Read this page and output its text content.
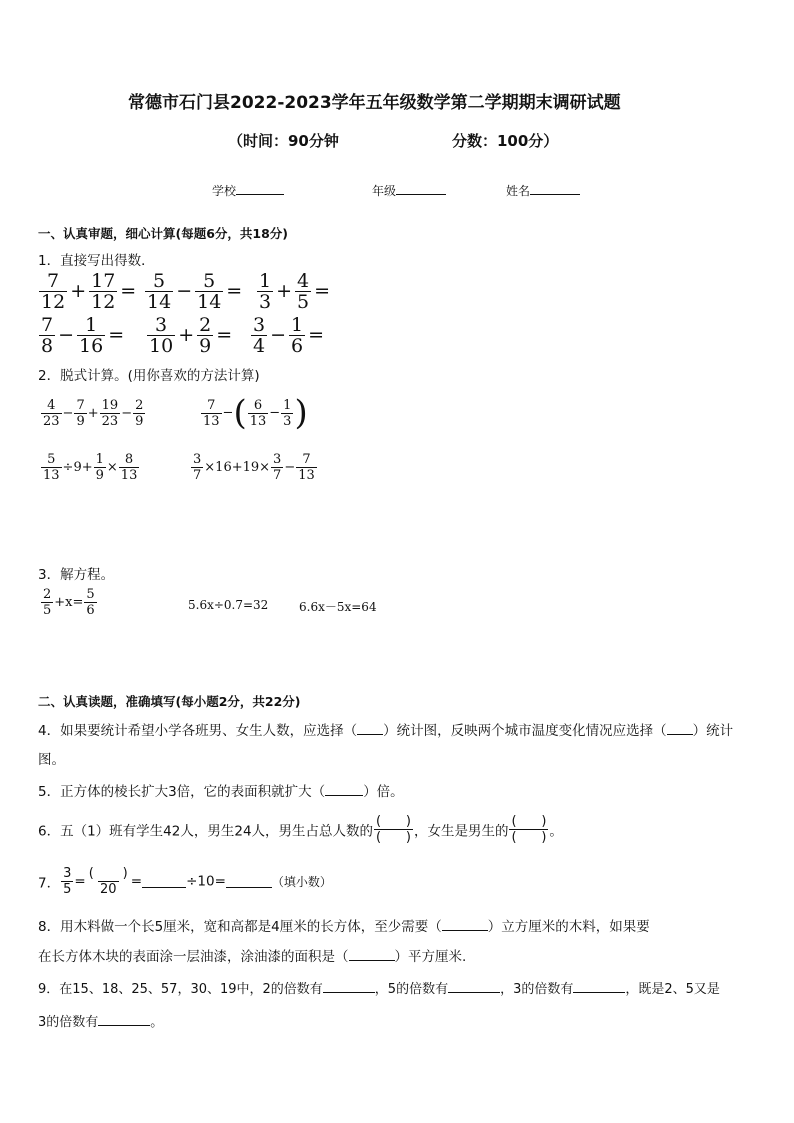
常德市石门县2022-2023学年五年级数学第二学期期末调研试题
（时间：90分钟	分数：100分）
学校	年级	姓名
一、认真审题，细心计算(每题6分，共18分)
1．直接写出得数．
$\frac{7}{12} + \frac{17}{12} = \frac{5}{14} - \frac{5}{14} = \frac{1}{3} + \frac{4}{5}$ =
$\frac{7}{8} - \frac{1}{16} = \frac{3}{10} + \frac{2}{9} = \frac{3}{4} - \frac{1}{6}$ =
2．脱式计算。(用你喜欢的方法计算)
$\frac{4}{23} - \frac{7}{9} + \frac{19}{23} - \frac{2}{9}$	$\frac{7}{13}$ −( $\frac{6}{13} - \frac{1}{3}$ )
$\frac{5}{13} \div 9+ \frac{1}{9} \times \frac{8}{13}$	$\frac{3}{7} \times 16+19\times \frac{3}{7} - \frac{7}{13}$
3．解方程。
$\frac{2}{5} +x= \frac{5}{6}$	5.6x÷0.7=32	6.6x－5x=64
二、认真读题，准确填写(每小题2分，共22分)
4．如果要统计希望小学各班男、女生人数，应选择（ ）统计图，反映两个城市温度变化情况应选择（ ）统计
图。
5．正方体的棱长扩大3倍，它的表面积就扩大（	）倍。
6．五（1）班有学生42人，男生24人，男生占总人数的 $\frac{( )}{( )}$ ，女生是男生的 $\frac{( )}{( )}$ 。
7． $\frac{3}{5} = \frac{( )}{20}$ =	÷10=	（填小数）
8．用木料做一个长5厘米，宽和高都是4厘米的长方体，至少需要（	）立方厘米的木料，如果要
在长方体木块的表面涂一层油漆，涂油漆的面积是（	）平方厘米.
9．在15、18、25、57，30、19中，2的倍数有	，5的倍数有	，3的倍数有	，既是2、5又是
3的倍数有	。
